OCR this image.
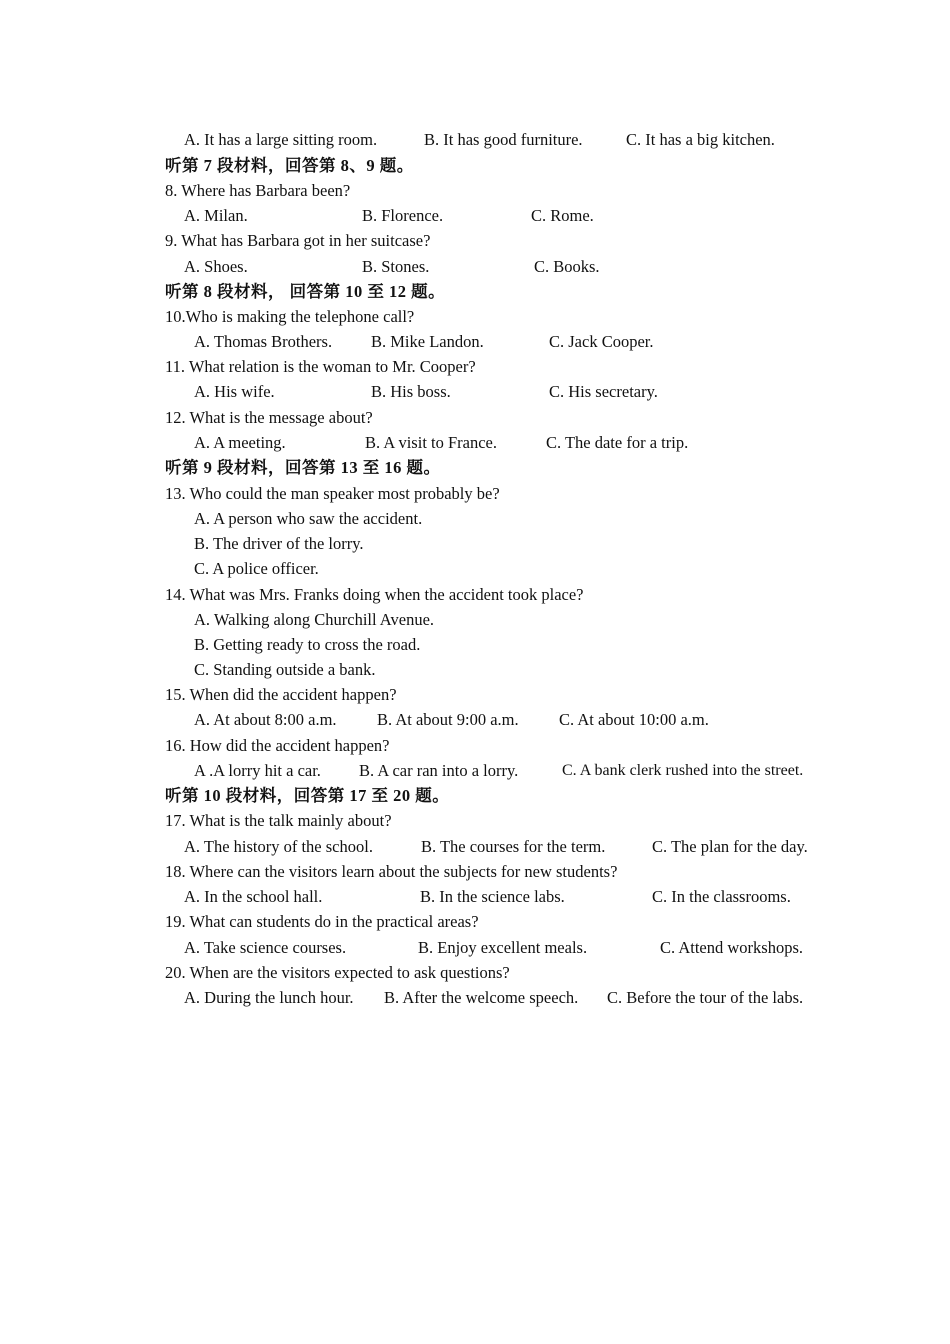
A. It has a large sitting room.	B. It has good furniture.	C. It has a big kitchen.
听第 7 段材料，回答第 8、9 题。
8. Where has Barbara been?
A. Milan.	B. Florence.	C. Rome.
9. What has Barbara got in her suitcase?
A. Shoes.	B. Stones.	C. Books.
听第 8 段材料， 回答第 10 至 12 题。
10.Who is making the telephone call?
A. Thomas Brothers. B. Mike Landon.	C. Jack Cooper.
11. What relation is the woman to Mr. Cooper?
A. His wife.	B. His boss.	C. His secretary.
12. What is the message about?
A. A meeting.	B. A visit to France.	C. The date for a trip.
听第 9 段材料，回答第 13 至 16 题。
13. Who could the man speaker most probably be?
A. A person who saw the accident.
B. The driver of the lorry.
C. A police officer.
14. What was Mrs. Franks doing when the accident took place?
A. Walking along Churchill Avenue.
B. Getting ready to cross the road.
C. Standing outside a bank.
15. When did the accident happen?
A. At about 8:00 a.m. B. At about 9:00 a.m. C. At about 10:00 a.m.
16. How did the accident happen?
A .A lorry hit a car. B. A car ran into a lorry.	C. A bank clerk rushed into the street.
听第 10 段材料，回答第 17 至 20 题。
17. What is the talk mainly about?
A. The history of the school.	B. The courses for the term.	C. The plan for the day.
18. Where can the visitors learn about the subjects for new students?
A. In the school hall.	B. In the science labs.	C. In the classrooms.
19. What can students do in the practical areas?
A. Take science courses.	B. Enjoy excellent meals.	C. Attend workshops.
20. When are the visitors expected to ask questions?
A. During the lunch hour. B. After the welcome speech. C. Before the tour of the labs.
